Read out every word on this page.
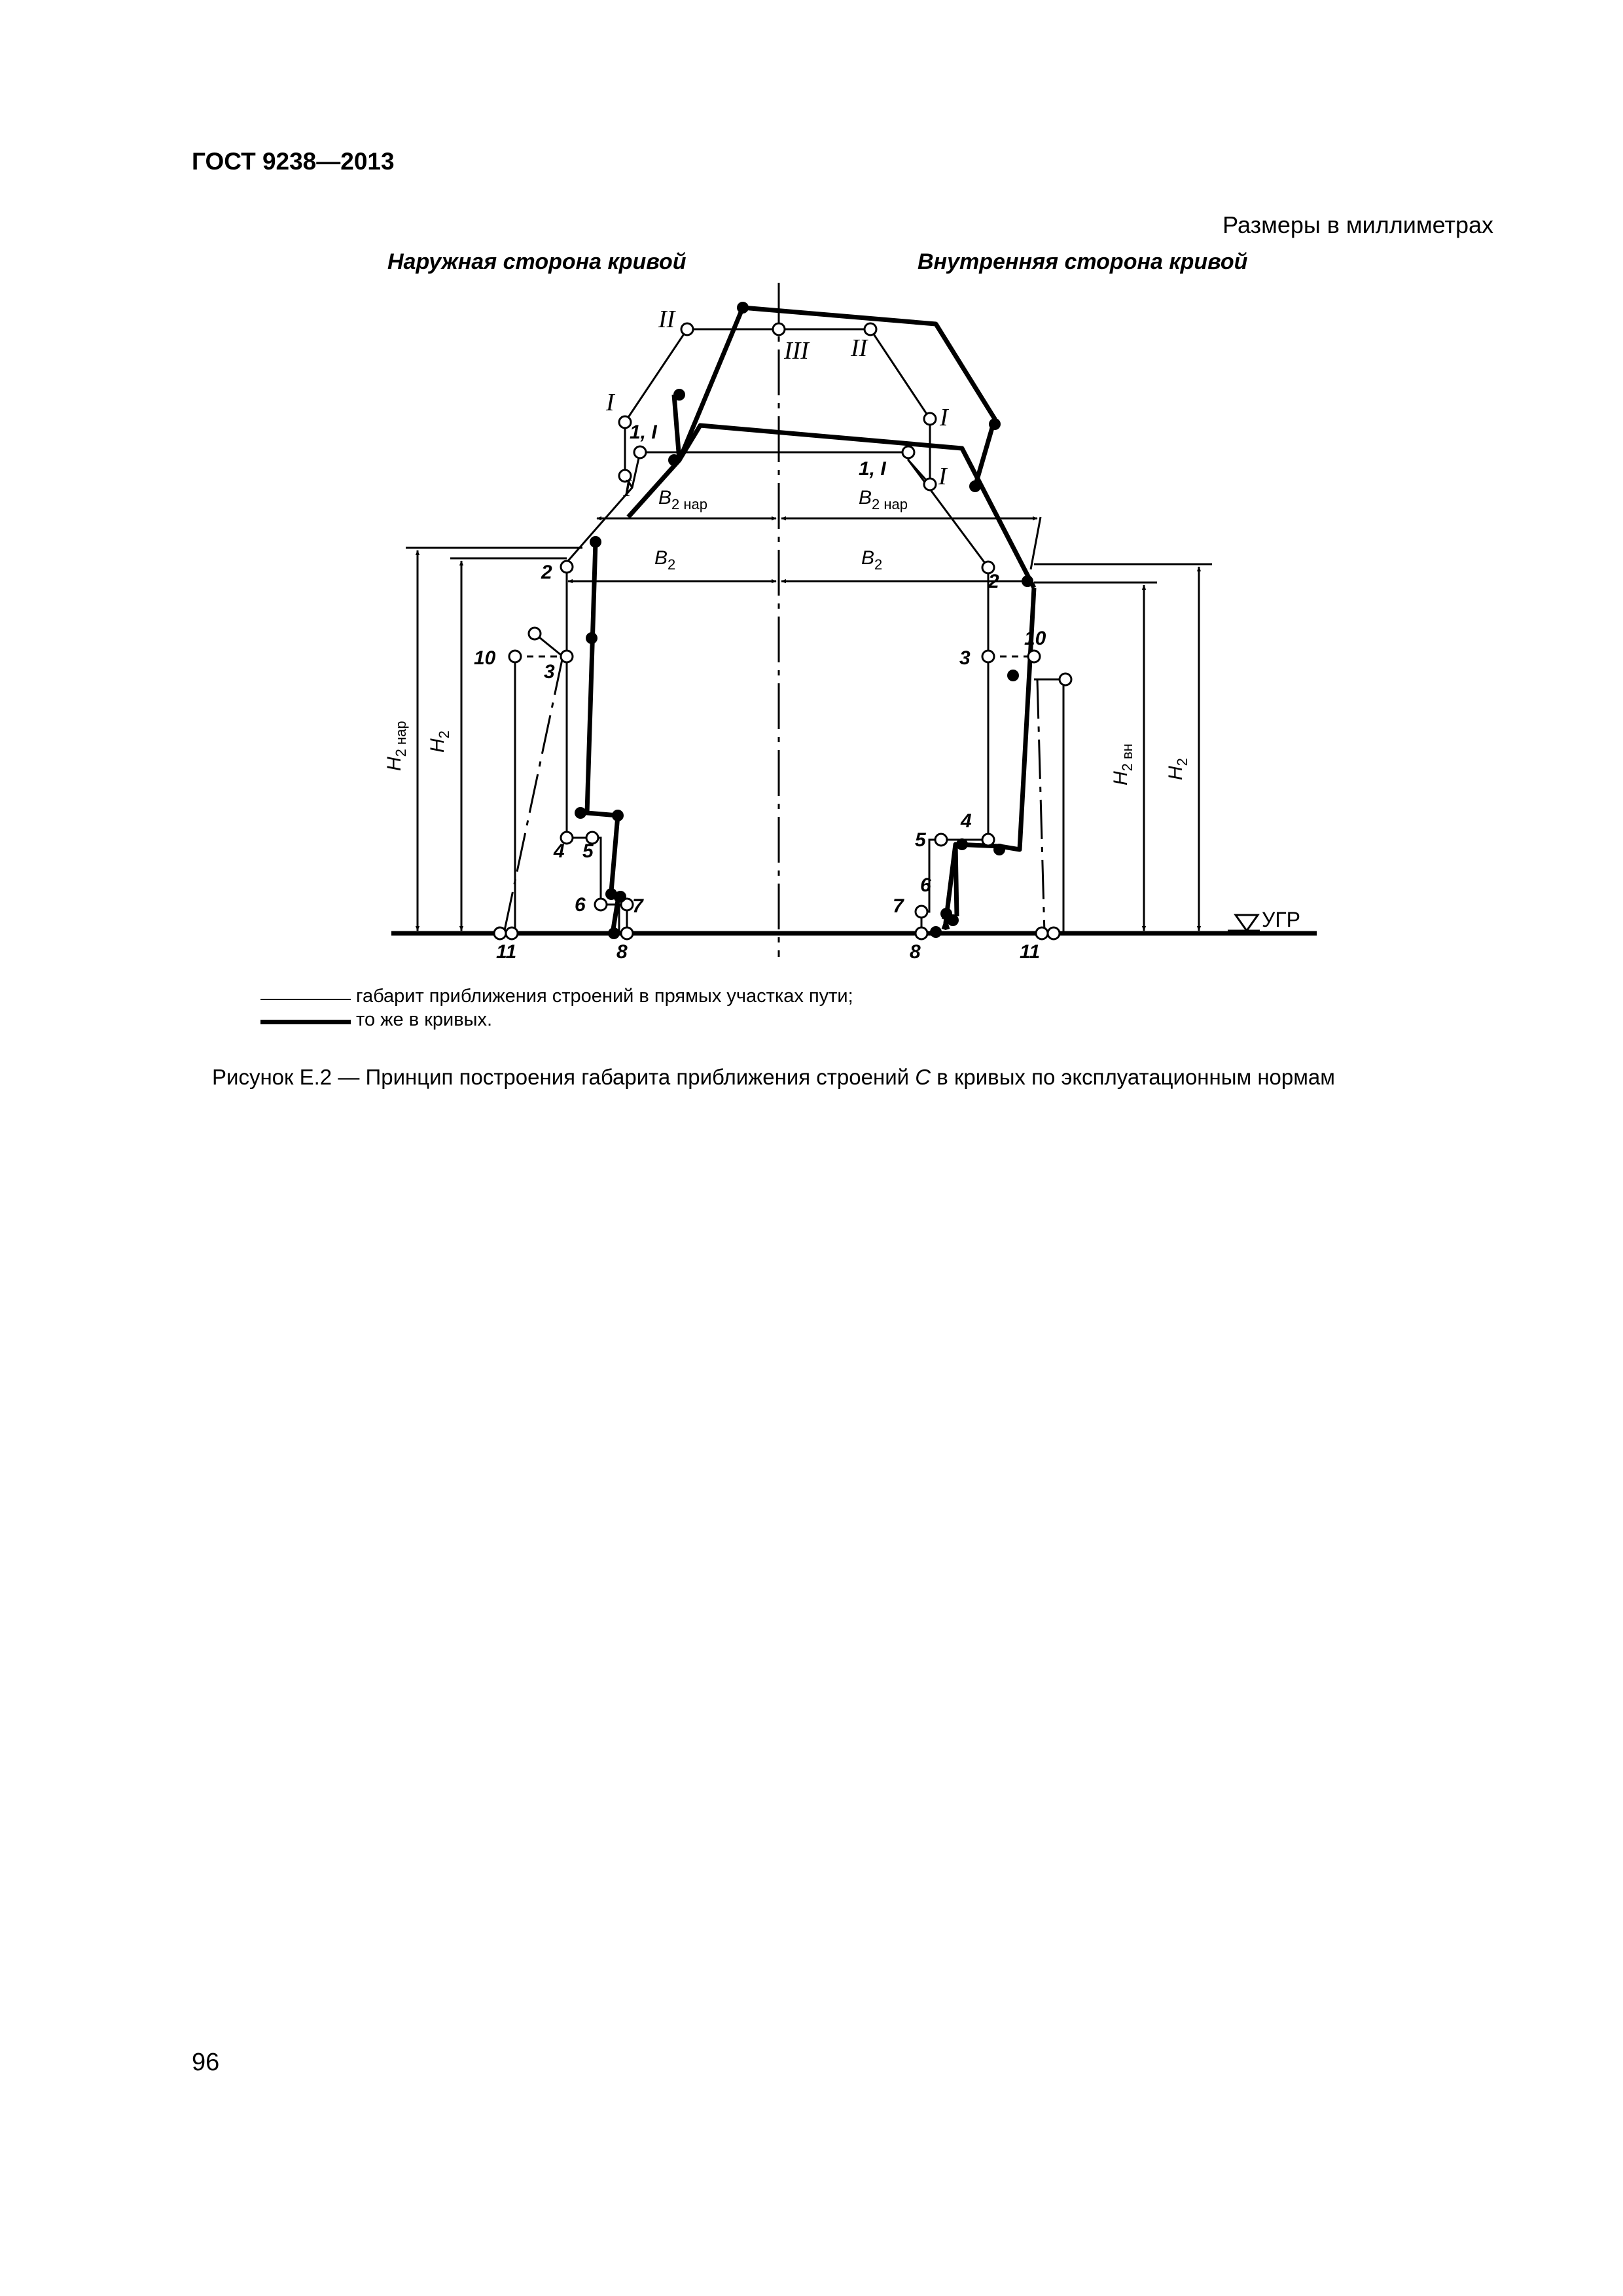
ГОСТ 9238—2013
Размеры в миллиметрах
Наружная сторона кривой	Внутренняя сторона кривой
УГР
II
III II
I
I
1, I
1, I
I	I
2	2
10
3
10
3
4 5
4
5
6 7
6
7
11	8	8	11
$B_{2 нар}$	$B_{2 нар}$
$B_2$	$B_2$
$H_{2 нар}$ $H_2$
$H_{2 вн}$
$H_2$
габарит приближения строений в прямых участках пути;
то же в кривых.
Рисунок Е.2 — Принцип построения габарита приближения строений С в кривых по эксплуатационным нормам
96
